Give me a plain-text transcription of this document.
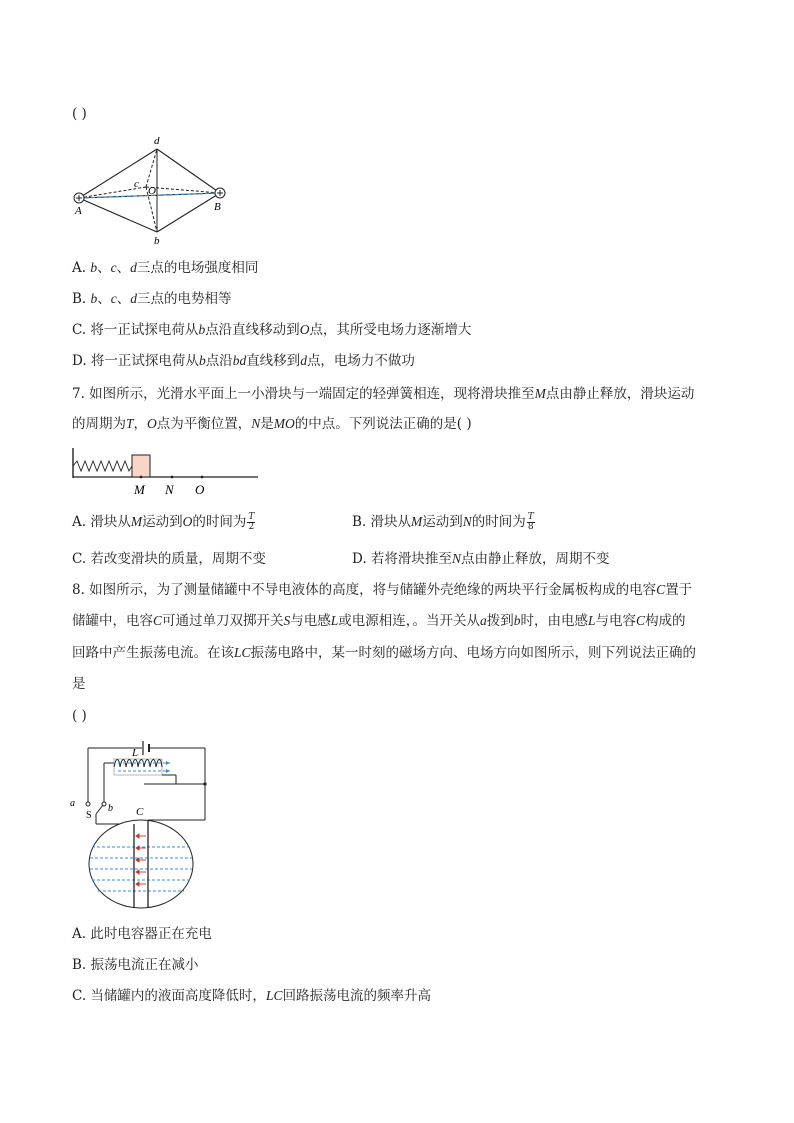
( )
d
c
O
A	B
b
A. b、c、d三点的电场强度相同
B. b、c、d三点的电势相等
C. 将一正试探电荷从b点沿直线移动到O点，其所受电场力逐渐增大
D. 将一正试探电荷从b点沿bd直线移到d点，电场力不做功
7. 如图所示，光滑水平面上一小滑块与一端固定的轻弹簧相连，现将滑块推至M点由静止释放，滑块运动
的周期为T，O点为平衡位置，N是MO的中点。下列说法正确的是( )
M N O
A. 滑块从M运动到O的时间为 $\frac{T}{2}$	B. 滑块从M运动到N的时间为 $\frac{T}{8}$
C. 若改变滑块的质量，周期不变	D. 若将滑块推至N点由静止释放，周期不变
8. 如图所示，为了测量储罐中不导电液体的高度，将与储罐外壳绝缘的两块平行金属板构成的电容C置于
储罐中，电容C可通过单刀双掷开关S与电感L或电源相连，。当开关从a拨到b时，由电感L与电容C构成的
回路中产生振荡电流。在该LC振荡电路中，某一时刻的磁场方向、电场方向如图所示，则下列说法正确的
是
( )
L
a
S
b C
A. 此时电容器正在充电
B. 振荡电流正在减小
C. 当储罐内的液面高度降低时，LC回路振荡电流的频率升高
